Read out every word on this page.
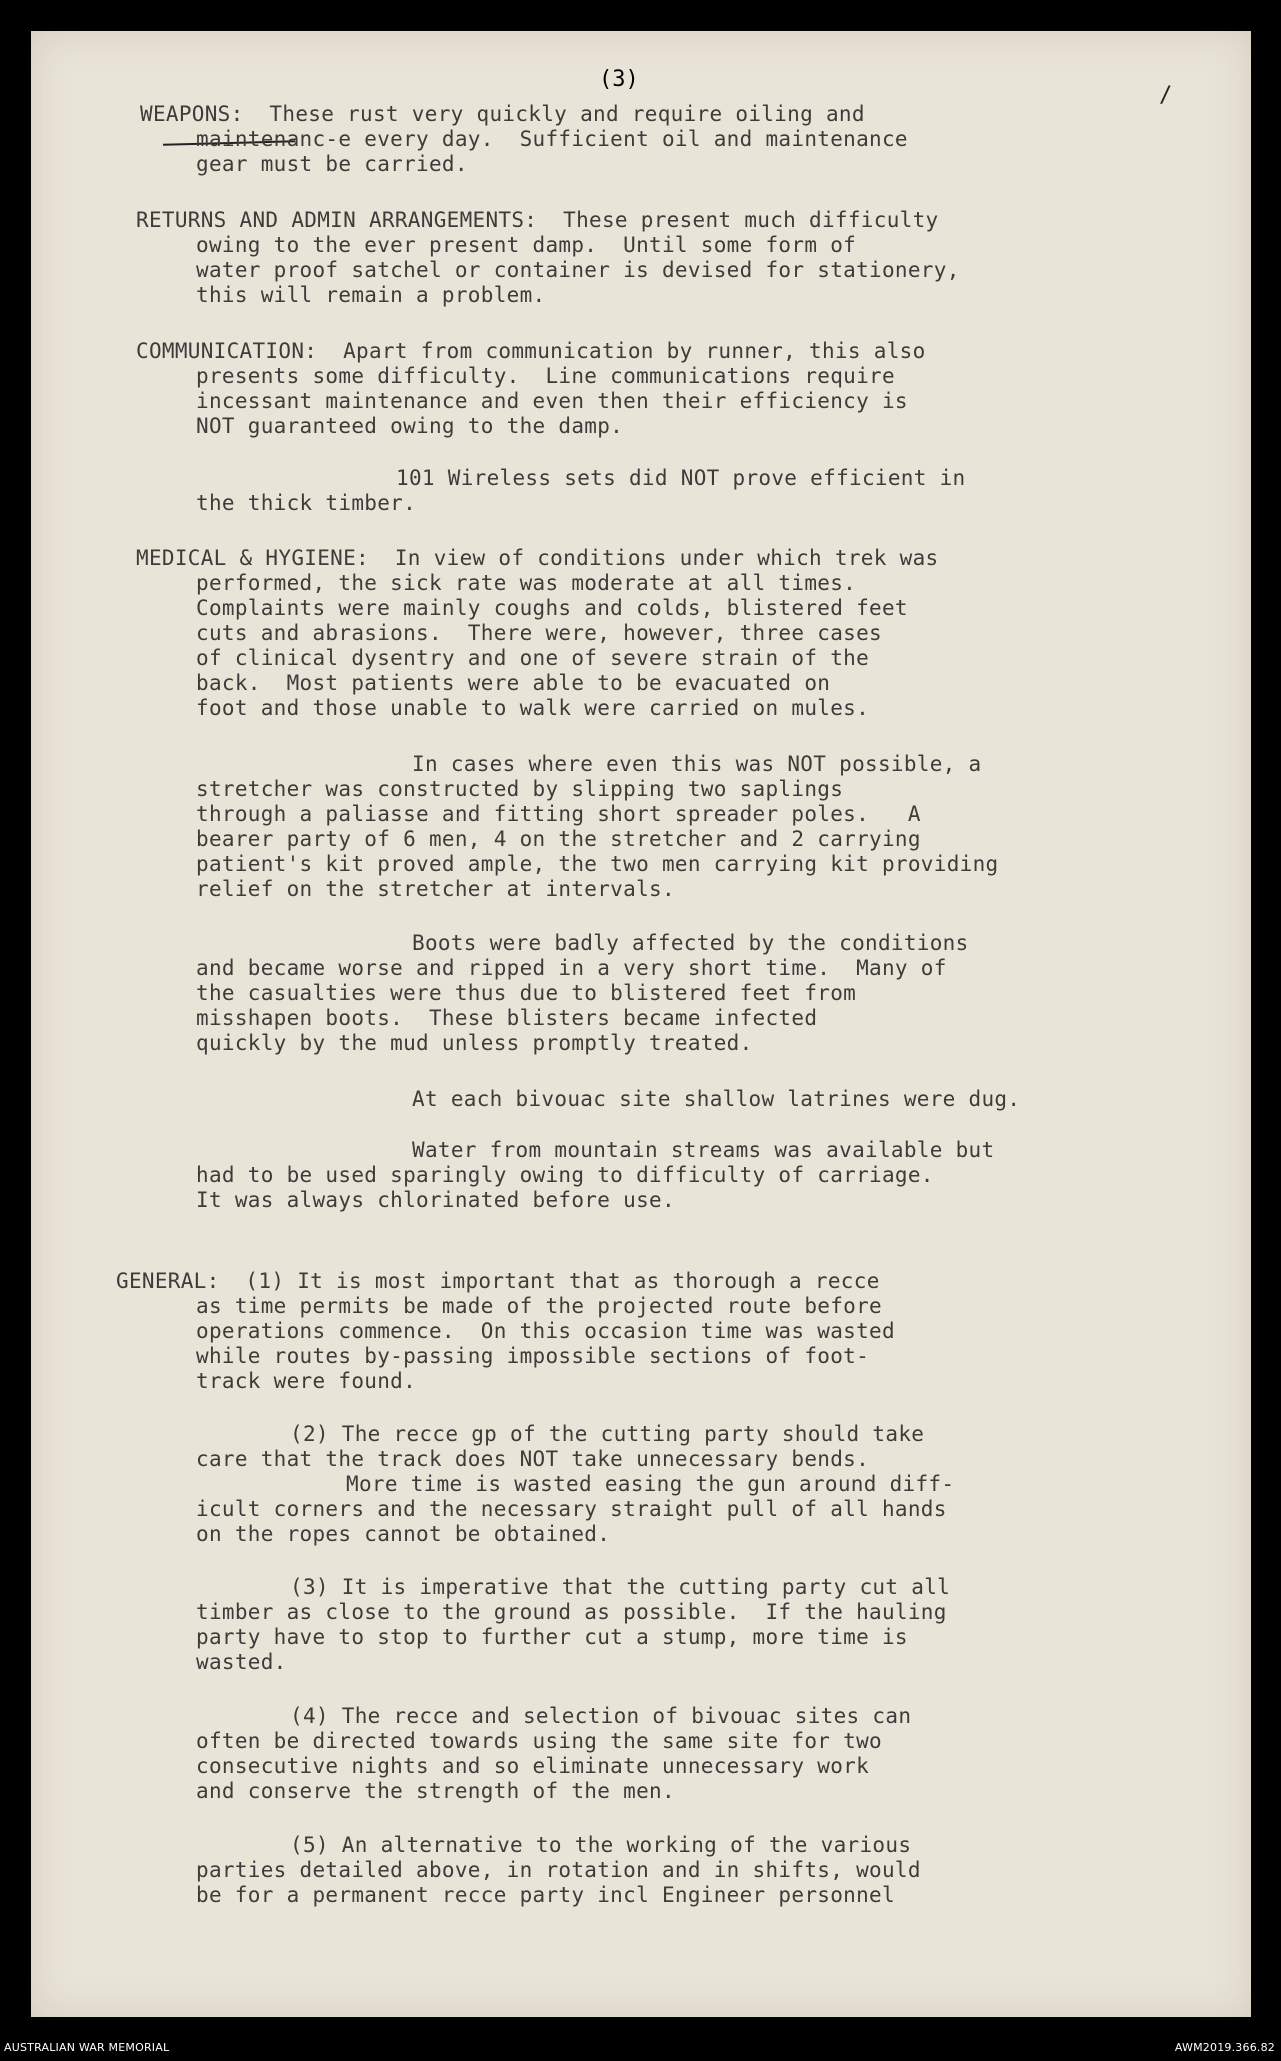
(3)
/
WEAPONS:  These rust very quickly and require oiling and
maintenanc-e every day.  Sufficient oil and maintenance
gear must be carried.
RETURNS AND ADMIN ARRANGEMENTS:  These present much difficulty
owing to the ever present damp.  Until some form of
water proof satchel or container is devised for stationery,
this will remain a problem.
COMMUNICATION:  Apart from communication by runner, this also
presents some difficulty.  Line communications require
incessant maintenance and even then their efficiency is
NOT guaranteed owing to the damp.
101 Wireless sets did NOT prove efficient in
the thick timber.
MEDICAL & HYGIENE:  In view of conditions under which trek was
performed, the sick rate was moderate at all times.
Complaints were mainly coughs and colds, blistered feet
cuts and abrasions.  There were, however, three cases
of clinical dysentry and one of severe strain of the
back.  Most patients were able to be evacuated on
foot and those unable to walk were carried on mules.
In cases where even this was NOT possible, a
stretcher was constructed by slipping two saplings
through a paliasse and fitting short spreader poles.   A
bearer party of 6 men, 4 on the stretcher and 2 carrying
patient's kit proved ample, the two men carrying kit providing
relief on the stretcher at intervals.
Boots were badly affected by the conditions
and became worse and ripped in a very short time.  Many of
the casualties were thus due to blistered feet from
misshapen boots.  These blisters became infected
quickly by the mud unless promptly treated.
At each bivouac site shallow latrines were dug.
Water from mountain streams was available but
had to be used sparingly owing to difficulty of carriage.
It was always chlorinated before use.
GENERAL:  (1) It is most important that as thorough a recce
as time permits be made of the projected route before
operations commence.  On this occasion time was wasted
while routes by-passing impossible sections of foot-
track were found.
(2) The recce gp of the cutting party should take
care that the track does NOT take unnecessary bends.
More time is wasted easing the gun around diff-
icult corners and the necessary straight pull of all hands
on the ropes cannot be obtained.
(3) It is imperative that the cutting party cut all
timber as close to the ground as possible.  If the hauling
party have to stop to further cut a stump, more time is
wasted.
(4) The recce and selection of bivouac sites can
often be directed towards using the same site for two
consecutive nights and so eliminate unnecessary work
and conserve the strength of the men.
(5) An alternative to the working of the various
parties detailed above, in rotation and in shifts, would
be for a permanent recce party incl Engineer personnel
AUSTRALIAN WAR MEMORIAL	AWM2019.366.82
